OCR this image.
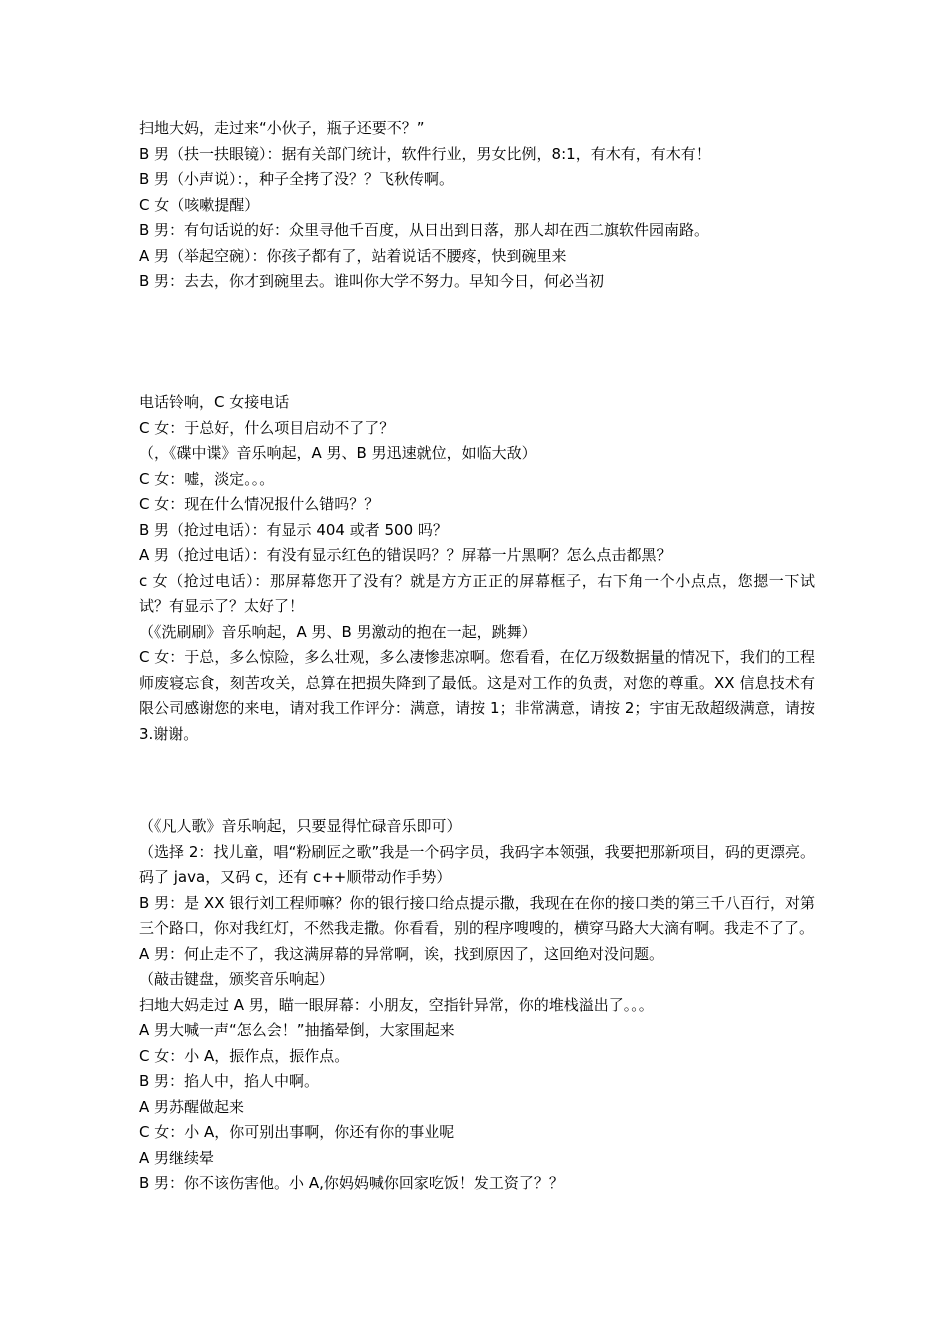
扫地大妈，走过来“小伙子，瓶子还要不？”
B 男（扶一扶眼镜）：据有关部门统计，软件行业，男女比例，8:1，有木有，有木有！
B 男（小声说）：，种子全拷了没？？飞秋传啊。
C 女（咳嗽提醒）
B 男：有句话说的好：众里寻他千百度，从日出到日落，那人却在西二旗软件园南路。
A 男（举起空碗）：你孩子都有了，站着说话不腰疼，快到碗里来
B 男：去去，你才到碗里去。谁叫你大学不努力。早知今日，何必当初
电话铃响，C 女接电话
C 女：于总好，什么项目启动不了了？
（，《碟中谍》音乐响起，A 男、B 男迅速就位，如临大敌）
C 女：嘘，淡定。。。
C 女：现在什么情况报什么错吗？？
B 男（抢过电话）：有显示 404 或者 500 吗？
A 男（抢过电话）：有没有显示红色的错误吗？？屏幕一片黑啊？怎么点击都黑？
c 女（抢过电话）：那屏幕您开了没有？就是方方正正的屏幕框子，右下角一个小点点，您摁一下试试？有显示了？太好了！
（《洗刷刷》音乐响起，A 男、B 男激动的抱在一起，跳舞）
C 女：于总，多么惊险，多么壮观，多么凄惨悲凉啊。您看看，在亿万级数据量的情况下，我们的工程师废寝忘食，刻苦攻关，总算在把损失降到了最低。这是对工作的负责，对您的尊重。XX 信息技术有限公司感谢您的来电，请对我工作评分：满意，请按 1；非常满意，请按 2；宇宙无敌超级满意，请按 3.谢谢。
（《凡人歌》音乐响起，只要显得忙碌音乐即可）
（选择 2：找儿童，唱“粉刷匠之歌”我是一个码字员，我码字本领强，我要把那新项目，码的更漂亮。码了 java，又码 c，还有 c++顺带动作手势）
B 男：是 XX 银行刘工程师嘛？你的银行接口给点提示撒，我现在在你的接口类的第三千八百行，对第三个路口，你对我红灯，不然我走撒。你看看，别的程序嗖嗖的，横穿马路大大滴有啊。我走不了了。
A 男：何止走不了，我这满屏幕的异常啊，诶，找到原因了，这回绝对没问题。
（敲击键盘，颁奖音乐响起）
扫地大妈走过 A 男，瞄一眼屏幕：小朋友，空指针异常，你的堆栈溢出了。。。
A 男大喊一声“怎么会！”抽搐晕倒，大家围起来
C 女：小 A，振作点，振作点。
B 男：掐人中，掐人中啊。
A 男苏醒做起来
C 女：小 A，你可别出事啊，你还有你的事业呢
A 男继续晕
B 男：你不该伤害他。小 A,你妈妈喊你回家吃饭！发工资了？？
